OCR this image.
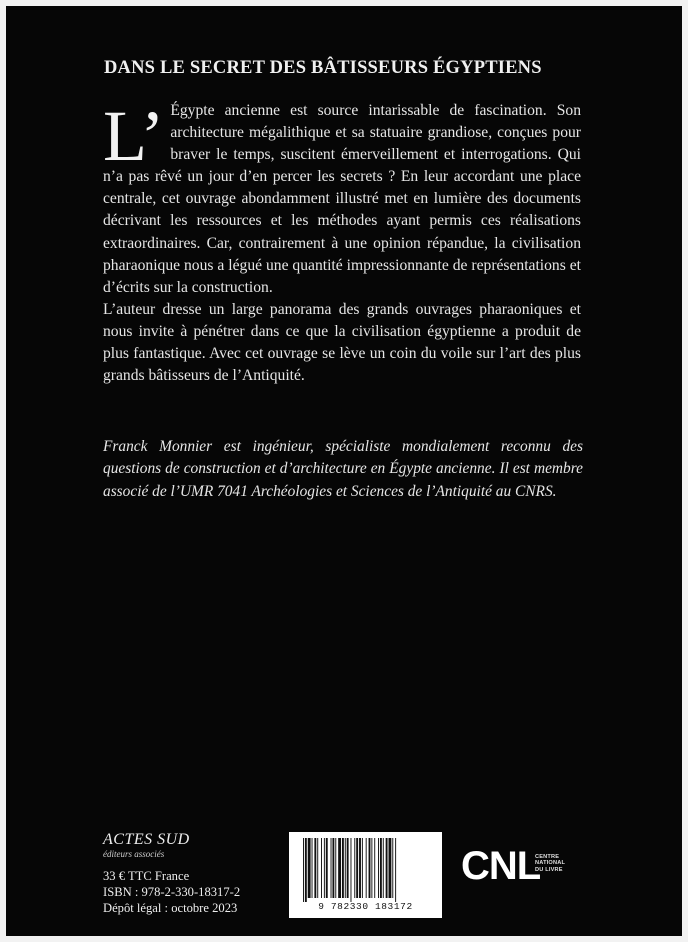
DANS LE SECRET DES BÂTISSEURS ÉGYPTIENS

L’ Égypte ancienne est source intarissable de fascination. Son architecture mégalithique et sa statuaire grandiose, conçues pour braver le temps, suscitent émerveillement et interrogations. Qui n’a pas rêvé un jour d’en percer les secrets ? En leur accordant une place centrale, cet ouvrage abondamment illustré met en lumière des documents décrivant les ressources et les méthodes ayant permis ces réalisations extraordinaires. Car, contrairement à une opinion répandue, la civilisation pharaonique nous a légué une quantité impressionnante de représentations et d’écrits sur la construction.

L’auteur dresse un large panorama des grands ouvrages pharaoniques et nous invite à pénétrer dans ce que la civilisation égyptienne a produit de plus fantastique. Avec cet ouvrage se lève un coin du voile sur l’art des plus grands bâtisseurs de l’Antiquité.

Franck Monnier est ingénieur, spécialiste mondialement reconnu des questions de construction et d’architecture en Égypte ancienne. Il est membre associé de l’UMR 7041 Archéologies et Sciences de l’Antiquité au CNRS.
ACTES SUD
éditeurs associés
33 € TTC France
ISBN : 978-2-330-18317-2
Dépôt légal : octobre 2023	9 782330 183172
CNL
CENTRE
NATIONAL
DU LIVRE
